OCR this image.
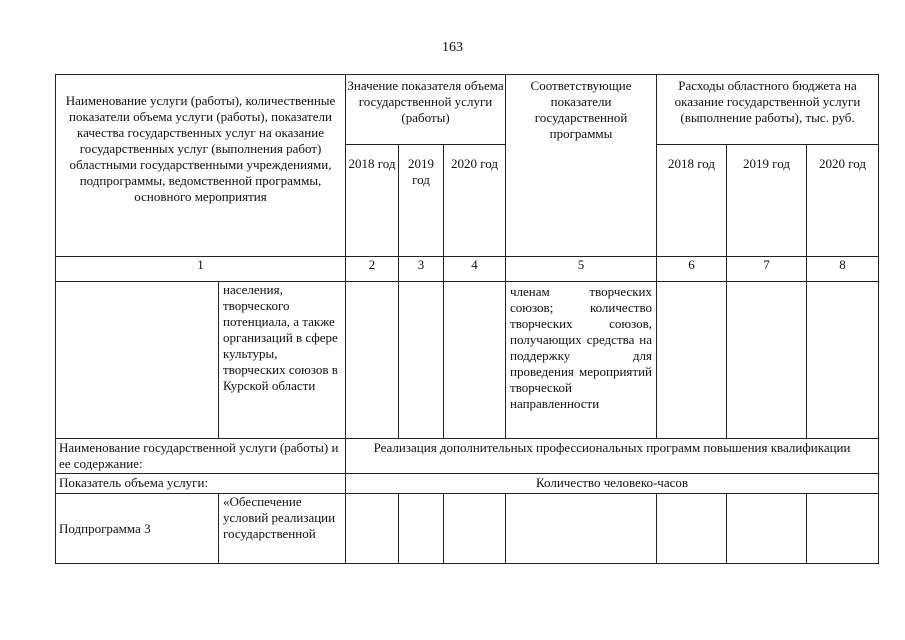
163
Наименование услуги (работы), количественные показатели объема услуги (работы), показатели качества государственных услуг на оказание государственных услуг (выполнения работ) областными государственными учреждениями, подпрограммы, ведомственной программы, основного мероприятия		Значение показателя объема государственной услуги (работы)			Соответствующие показатели государственной программы	Расходы областного бюджета на оказание государственной услуги (выполнение работы), тыс. руб.		
		2018 год	2019 год	2020 год		2018 год	2019 год	2020 год
1		2	3	4	5	6	7	8
	населения, творческого потенциала, а также организаций в сфере культуры, творческих союзов в Курской области				членам творческих союзов; количество творческих союзов, получающих средства на поддержку для проведения мероприятий творческой направленности			
Наименование государственной услуги (работы) и ее содержание:		Реализация дополнительных профессиональных программ повышения квалификации						
Показатель объема услуги:		Количество человеко-часов						
Подпрограмма 3	«Обеспечение условий реализации государственной							
